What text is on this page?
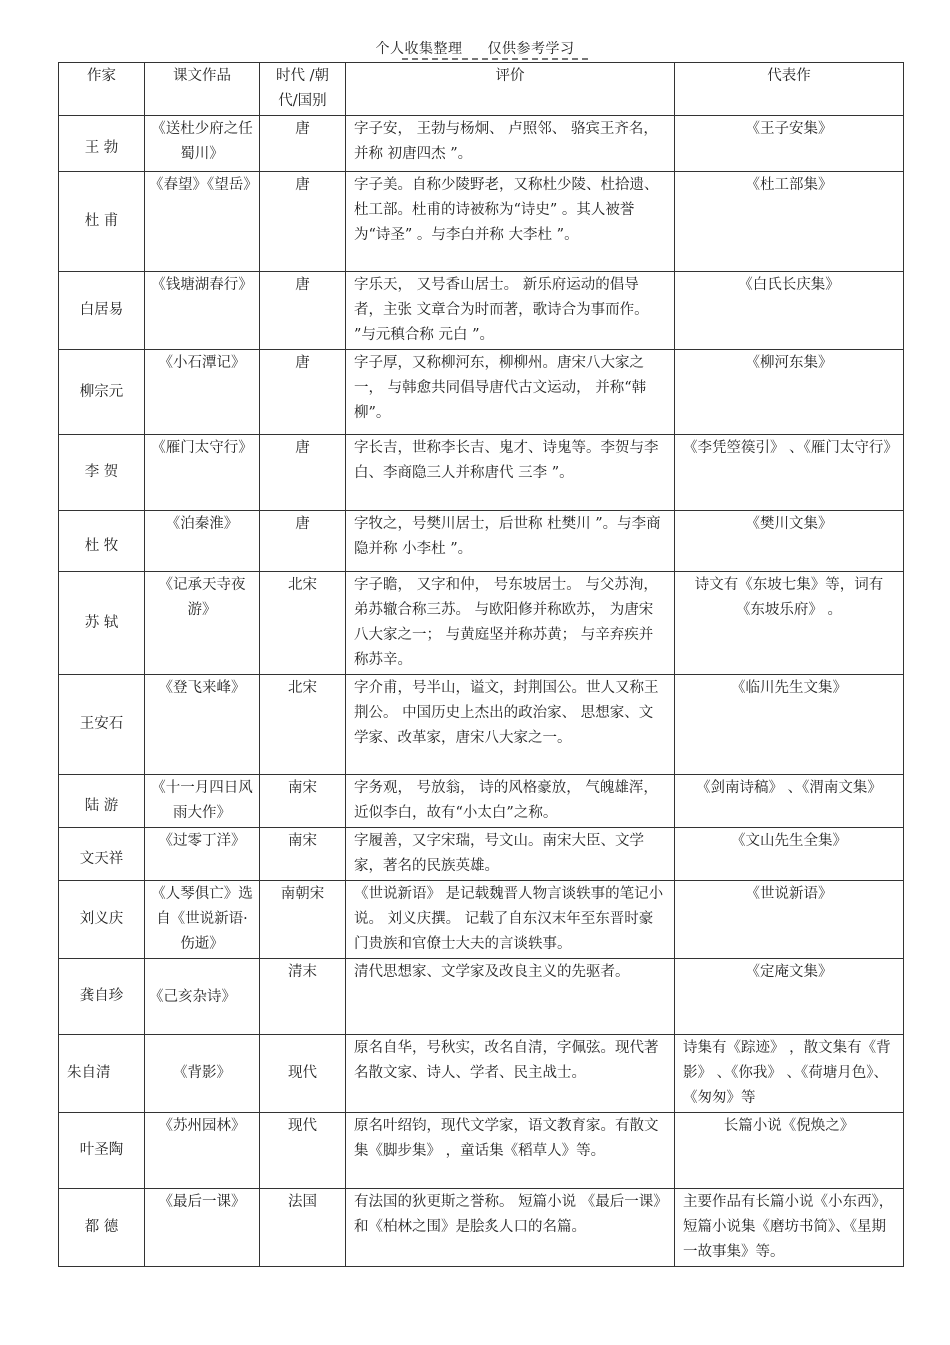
个人收集整理 仅供参考学习
作家	课文作品	时代 /朝代/国别	评价	代表作
王 勃	《送杜少府之任蜀川》	唐	字子安， 王勃与杨炯、 卢照邻、 骆宾王齐名，并称 初唐四杰 ”。	《王子安集》
杜 甫	《春望》《望岳》	唐	字子美。自称少陵野老，又称杜少陵、杜拾遗、杜工部。杜甫的诗被称为“诗史” 。其人被誉为“诗圣” 。与李白并称 大李杜 ”。	《杜工部集》
白居易	《钱塘湖春行》	唐	字乐天， 又号香山居士。 新乐府运动的倡导者，主张 文章合为时而著，歌诗合为事而作。 ”与元稹合称 元白 ”。	《白氏长庆集》
柳宗元	《小石潭记》	唐	字子厚，又称柳河东，柳柳州。唐宋八大家之一， 与韩愈共同倡导唐代古文运动， 并称“韩柳”。	《柳河东集》
李 贺	《雁门太守行》	唐	字长吉，世称李长吉、鬼才、诗鬼等。李贺与李白、李商隐三人并称唐代 三李 ”。	《李凭箜篌引》 、《雁门太守行》
杜 牧	《泊秦淮》	唐	字牧之，号樊川居士，后世称 杜樊川 ”。与李商隐并称 小李杜 ”。	《樊川文集》
苏 轼	《记承天寺夜游》	北宋	字子瞻， 又字和仲， 号东坡居士。 与父苏洵，弟苏辙合称三苏。 与欧阳修并称欧苏， 为唐宋八大家之一； 与黄庭坚并称苏黄； 与辛弃疾并称苏辛。	诗文有《东坡七集》等，词有《东坡乐府》 。
王安石	《登飞来峰》	北宋	字介甫，号半山，谥文，封荆国公。世人又称王荆公。 中国历史上杰出的政治家、 思想家、文学家、改革家，唐宋八大家之一。	《临川先生文集》
陆 游	《十一月四日风雨大作》	南宋	字务观， 号放翁， 诗的风格豪放， 气魄雄浑，近似李白，故有“小太白”之称。	《剑南诗稿》 、《渭南文集》
文天祥	《过零丁洋》	南宋	字履善，又字宋瑞，号文山。南宋大臣、文学家，著名的民族英雄。	《文山先生全集》
刘义庆	《人琴俱亡》选自《世说新语· 伤逝》	南朝宋	《世说新语》 是记载魏晋人物言谈轶事的笔记小说。 刘义庆撰。 记载了自东汉末年至东晋时豪门贵族和官僚士大夫的言谈轶事。	《世说新语》
龚自珍	《己亥杂诗》	清末	清代思想家、文学家及改良主义的先驱者。	《定庵文集》
朱自清	《背影》	现代	原名自华，号秋实，改名自清，字佩弦。现代著名散文家、诗人、学者、民主战士。	诗集有《踪迹》 ，散文集有《背影》 、《你我》 、《荷塘月色》、《匆匆》等
叶圣陶	《苏州园林》	现代	原名叶绍钧，现代文学家，语文教育家。有散文集《脚步集》 ，童话集《稻草人》等。	长篇小说《倪焕之》
都 德	《最后一课》	法国	有法国的狄更斯之誉称。 短篇小说 《最后一课》和《柏林之围》是脍炙人口的名篇。	主要作品有长篇小说《小东西》，短篇小说集《磨坊书简》、《星期一故事集》等。
